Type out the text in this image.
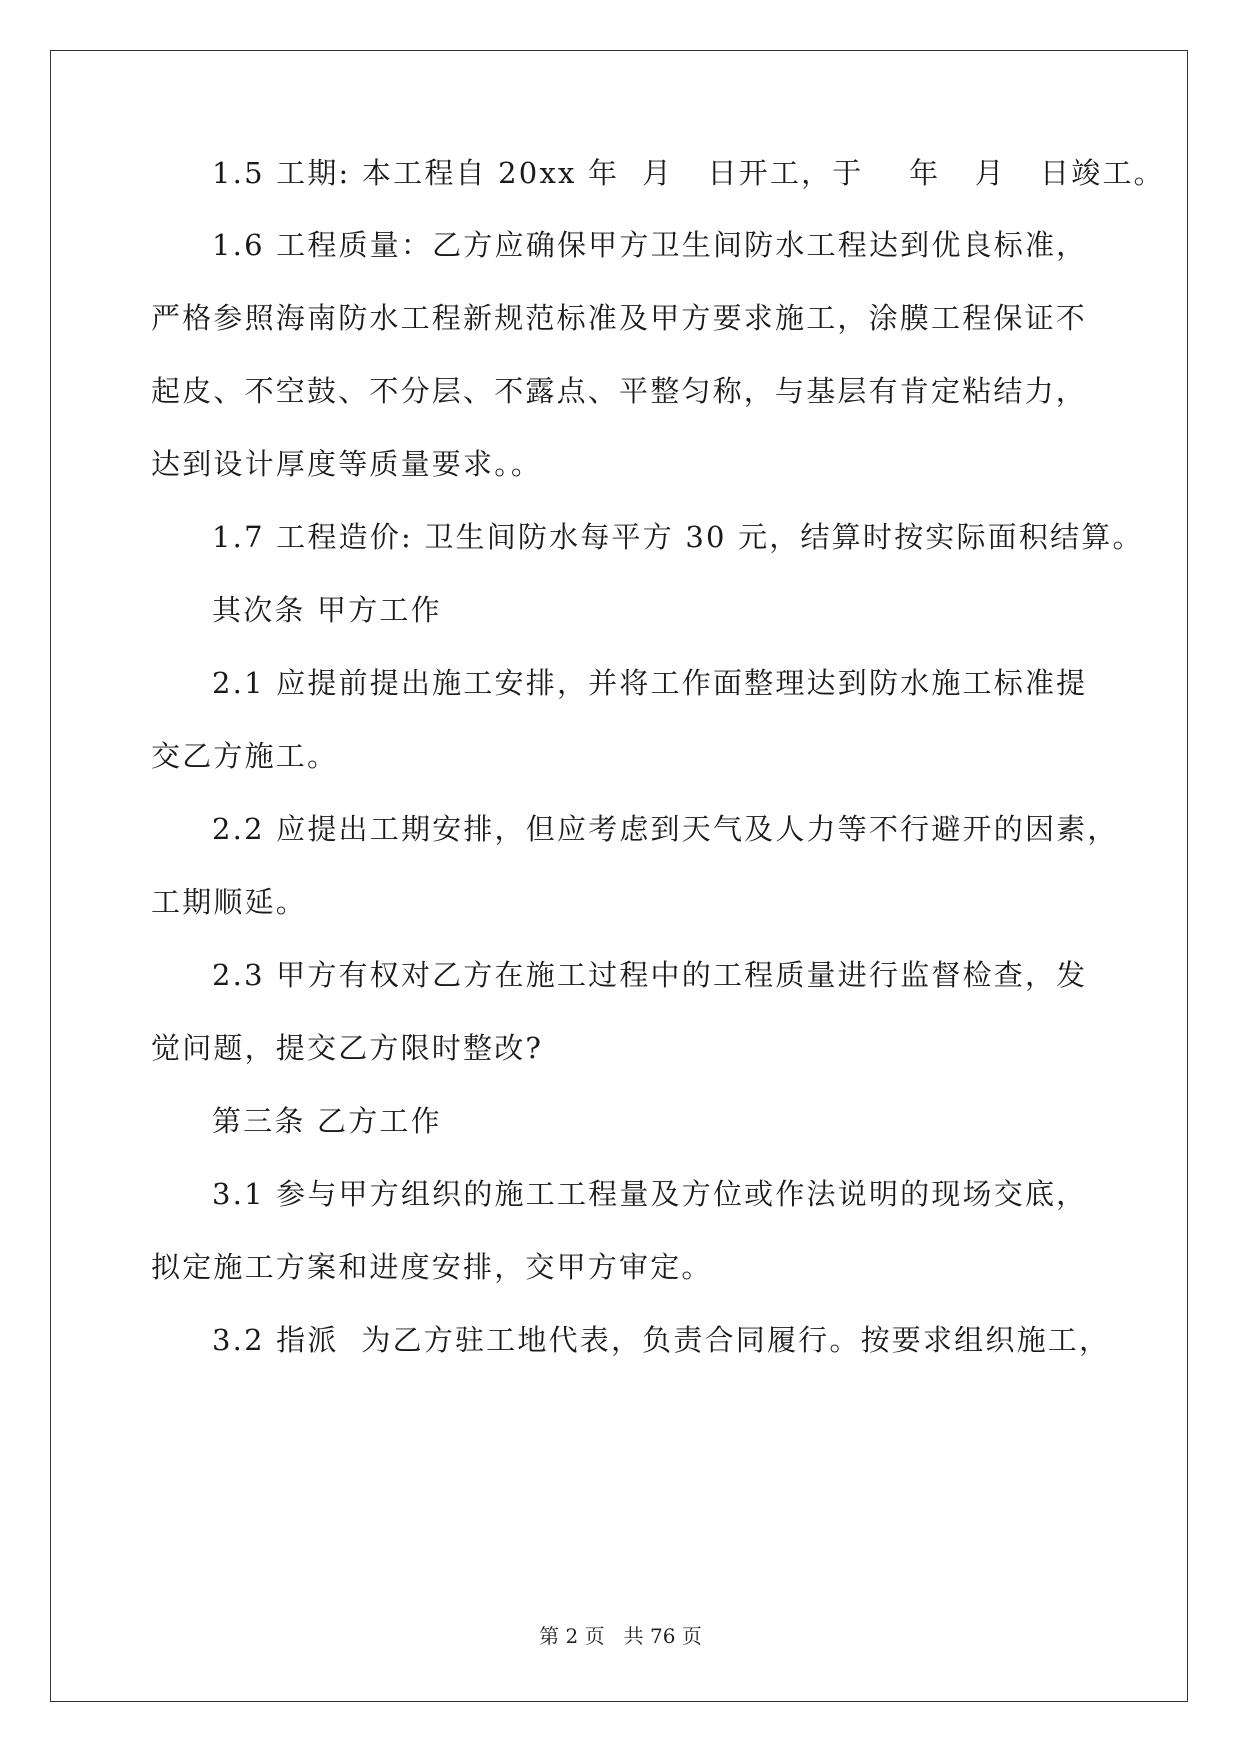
1.5 工期: 本工程自 20xx 年  月   日开工，于    年   月   日竣工。
1.6 工程质量：乙方应确保甲方卫生间防水工程达到优良标准，
严格参照海南防水工程新规范标准及甲方要求施工，涂膜工程保证不
起皮、不空鼓、不分层、不露点、平整匀称，与基层有肯定粘结力，
达到设计厚度等质量要求。。
1.7 工程造价: 卫生间防水每平方 30 元，结算时按实际面积结算。
其次条 甲方工作
2.1 应提前提出施工安排，并将工作面整理达到防水施工标准提
交乙方施工。
2.2 应提出工期安排，但应考虑到天气及人力等不行避开的因素，
工期顺延。
2.3 甲方有权对乙方在施工过程中的工程质量进行监督检查，发
觉问题，提交乙方限时整改?
第三条 乙方工作
3.1 参与甲方组织的施工工程量及方位或作法说明的现场交底，
拟定施工方案和进度安排，交甲方审定。
3.2 指派  为乙方驻工地代表，负责合同履行。按要求组织施工，
第 2 页   共 76 页
